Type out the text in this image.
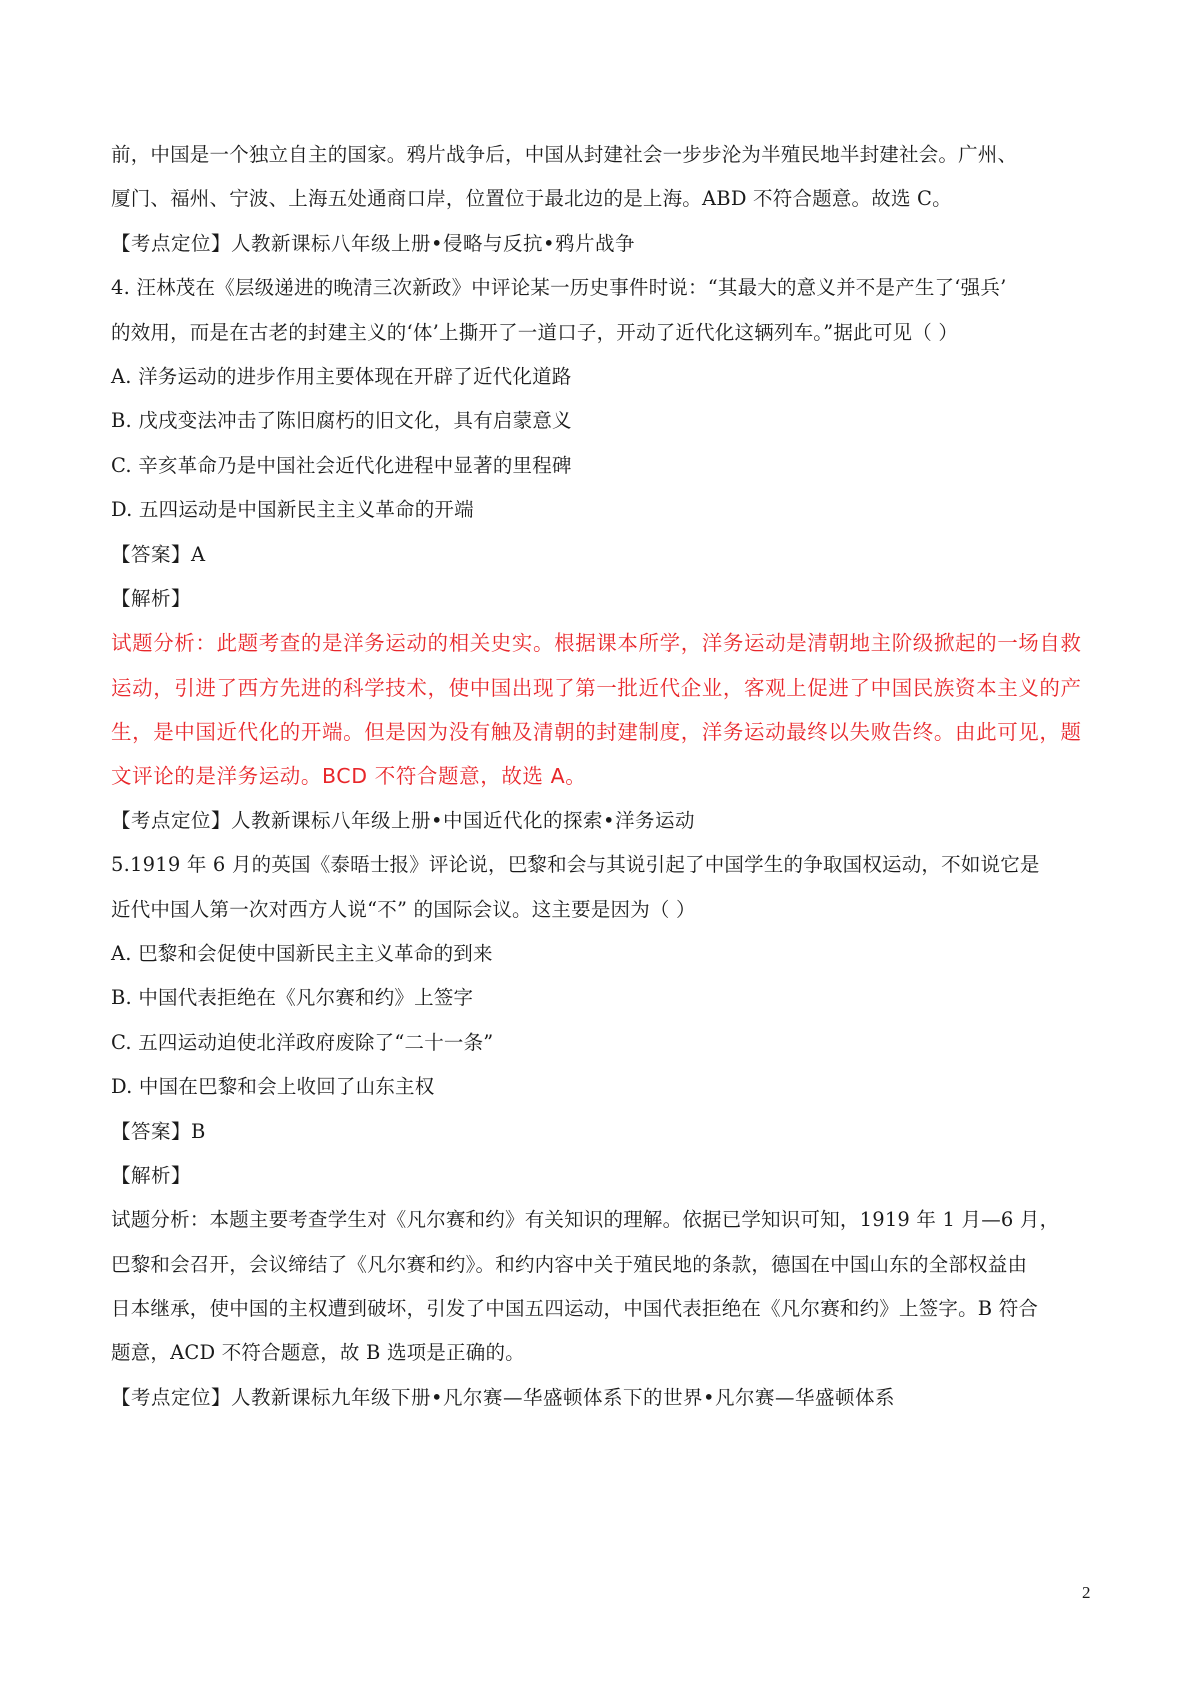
前，中国是一个独立自主的国家。鸦片战争后，中国从封建社会一步步沦为半殖民地半封建社会。广州、
厦门、福州、宁波、上海五处通商口岸，位置位于最北边的是上海。ABD 不符合题意。故选 C。
【考点定位】人教新课标八年级上册•侵略与反抗•鸦片战争
4. 汪林茂在《层级递进的晚清三次新政》中评论某一历史事件时说：“其最大的意义并不是产生了‘强兵’
的效用，而是在古老的封建主义的‘体’上撕开了一道口子，开动了近代化这辆列车。”据此可见（ ）
A. 洋务运动的进步作用主要体现在开辟了近代化道路
B. 戊戌变法冲击了陈旧腐朽的旧文化，具有启蒙意义
C. 辛亥革命乃是中国社会近代化进程中显著的里程碑
D. 五四运动是中国新民主主义革命的开端
【答案】A
【解析】
试题分析：此题考查的是洋务运动的相关史实。根据课本所学，洋务运动是清朝地主阶级掀起的一场自救
运动，引进了西方先进的科学技术，使中国出现了第一批近代企业，客观上促进了中国民族资本主义的产
生，是中国近代化的开端。但是因为没有触及清朝的封建制度，洋务运动最终以失败告终。由此可见，题
文评论的是洋务运动。BCD 不符合题意，故选 A。
【考点定位】人教新课标八年级上册•中国近代化的探索•洋务运动
5.1919 年 6 月的英国《泰晤士报》评论说，巴黎和会与其说引起了中国学生的争取国权运动，不如说它是
近代中国人第一次对西方人说“不” 的国际会议。这主要是因为（ ）
A. 巴黎和会促使中国新民主主义革命的到来
B. 中国代表拒绝在《凡尔赛和约》上签字
C. 五四运动迫使北洋政府废除了“二十一条”
D. 中国在巴黎和会上收回了山东主权
【答案】B
【解析】
试题分析：本题主要考查学生对《凡尔赛和约》有关知识的理解。依据已学知识可知，1919 年 1 月—6 月，
巴黎和会召开，会议缔结了《凡尔赛和约》。和约内容中关于殖民地的条款，德国在中国山东的全部权益由
日本继承，使中国的主权遭到破坏，引发了中国五四运动，中国代表拒绝在《凡尔赛和约》上签字。B 符合
题意，ACD 不符合题意，故 B 选项是正确的。
【考点定位】人教新课标九年级下册•凡尔赛—华盛顿体系下的世界•凡尔赛—华盛顿体系
2
